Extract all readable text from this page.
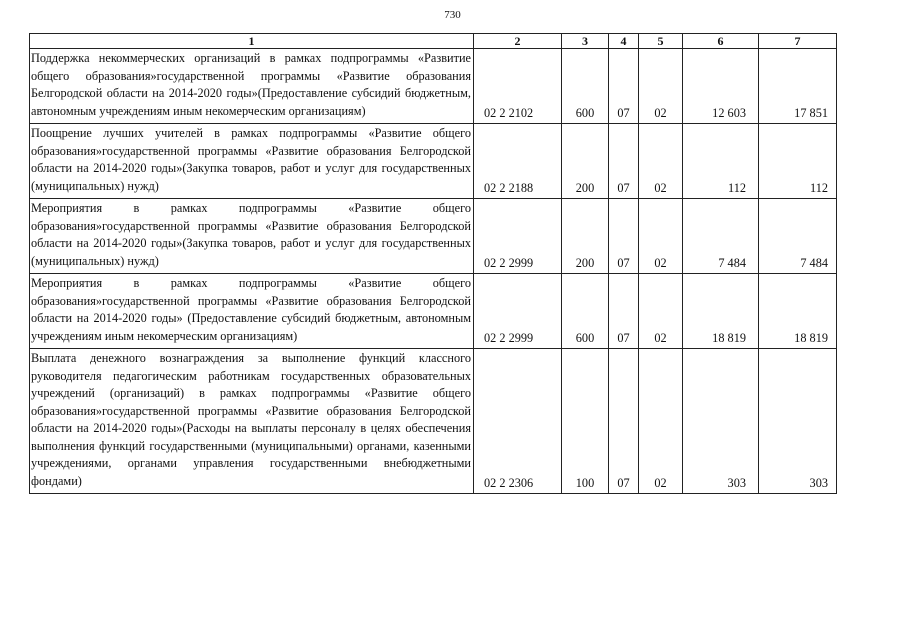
730
1	2	3	4	5	6	7
Поддержка некоммерческих организаций в рамках подпрограммы «Развитие общего образования»государственной программы «Развитие образования Белгородской области на 2014-2020 годы»(Предоставление субсидий бюджетным, автономным учреждениям иным некомерческим организациям)	02 2 2102	600	07	02	12 603	17 851
Поощрение лучших учителей в рамках подпрограммы «Развитие общего образования»государственной программы «Развитие образования Белгородской области на 2014-2020 годы»(Закупка товаров, работ и услуг для государственных (муниципальных) нужд)	02 2 2188	200	07	02	112	112
Мероприятия в рамках подпрограммы «Развитие общего образования»государственной программы «Развитие образования Белгородской области на 2014-2020 годы»(Закупка товаров, работ и услуг для государственных (муниципальных) нужд)	02 2 2999	200	07	02	7 484	7 484
Мероприятия в рамках подпрограммы «Развитие общего образования»государственной программы «Развитие образования Белгородской области на 2014-2020 годы» (Предоставление субсидий бюджетным, автономным учреждениям иным некомерческим организациям)	02 2 2999	600	07	02	18 819	18 819
Выплата денежного вознаграждения за выполнение функций классного руководителя педагогическим работникам государственных образовательных учреждений (организаций) в рамках подпрограммы «Развитие общего образования»государственной программы «Развитие образования Белгородской области на 2014-2020 годы»(Расходы на выплаты персоналу в целях обеспечения выполнения функций государственными (муниципальными) органами, казенными учреждениями, органами управления государственными внебюджетными фондами)	02 2 2306	100	07	02	303	303
